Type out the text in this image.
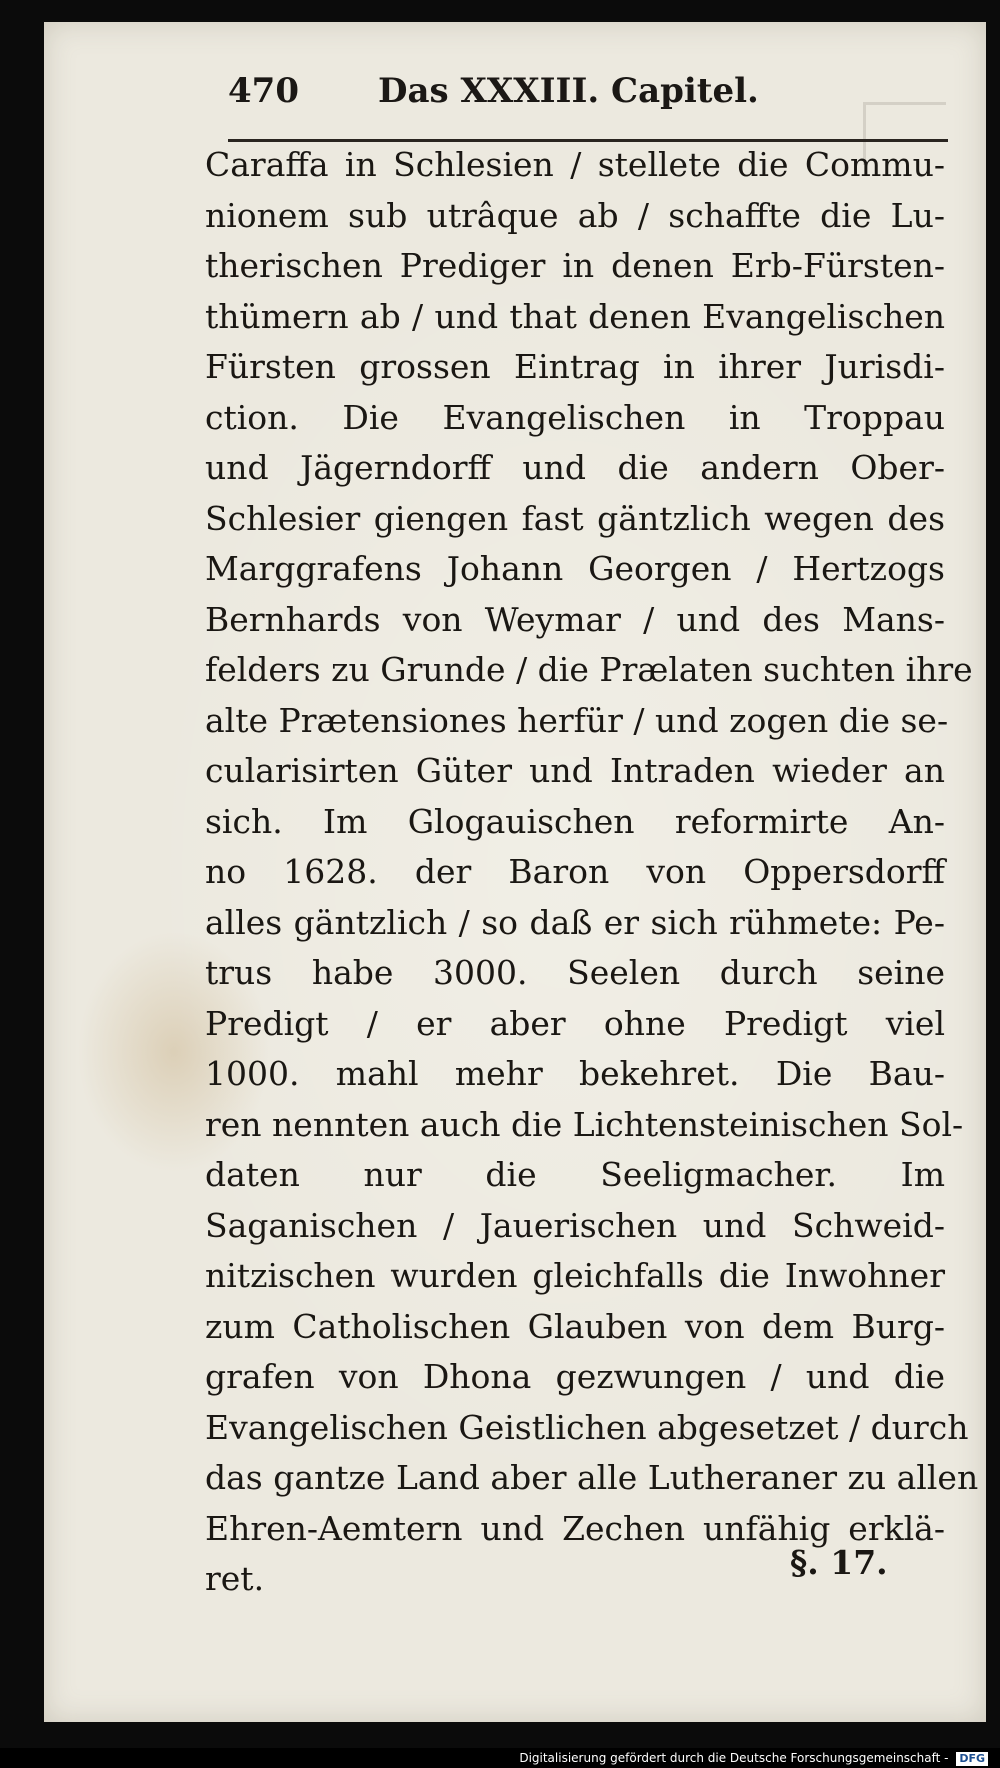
470 Das XXXIII. Capitel.
Caraffa in Schlesien / stellete die Commu-
nionem sub utrâque ab / schaffte die Lu-
therischen Prediger in denen Erb-Fürsten-
thümern ab / und that denen Evangelischen
Fürsten grossen Eintrag in ihrer Jurisdi-
ction. Die Evangelischen in Troppau
und Jägerndorff und die andern Ober-
Schlesier giengen fast gäntzlich wegen des
Marggrafens Johann Georgen / Hertzogs
Bernhards von Weymar / und des Mans-
felders zu Grunde / die Prælaten suchten ihre
alte Prætensiones herfür / und zogen die se-
cularisirten Güter und Intraden wieder an
sich. Im Glogauischen reformirte An-
no 1628. der Baron von Oppersdorff
alles gäntzlich / so daß er sich rühmete: Pe-
trus habe 3000. Seelen durch seine
Predigt / er aber ohne Predigt viel
1000. mahl mehr bekehret. Die Bau-
ren nennten auch die Lichtensteinischen Sol-
daten nur die Seeligmacher. Im
Saganischen / Jauerischen und Schweid-
nitzischen wurden gleichfalls die Inwohner
zum Catholischen Glauben von dem Burg-
grafen von Dhona gezwungen / und die
Evangelischen Geistlichen abgesetzet / durch
das gantze Land aber alle Lutheraner zu allen
Ehren-Aemtern und Zechen unfähig erklä-
ret.	§. 17.
Digitalisierung gefördert durch die Deutsche Forschungsgemeinschaft - DFG
